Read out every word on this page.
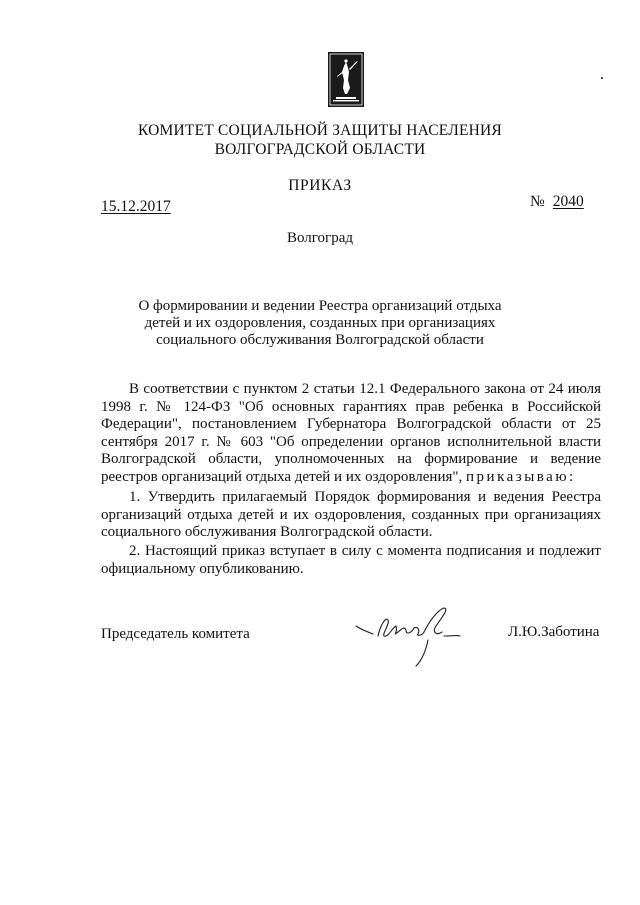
КОМИТЕТ СОЦИАЛЬНОЙ ЗАЩИТЫ НАСЕЛЕНИЯ
ВОЛГОГРАДСКОЙ ОБЛАСТИ
ПРИКАЗ
15.12.2017	№ 2040
Волгоград
О формировании и ведении Реестра организаций отдыха детей и их оздоровления, созданных при организациях социального обслуживания Волгоградской области
В соответствии с пунктом 2 статьи 12.1 Федерального закона от 24 июля 1998 г. № 124-ФЗ "Об основных гарантиях прав ребенка в Российской Федерации", постановлением Губернатора Волгоградской области от 25 сентября 2017 г. № 603 "Об определении органов исполнительной власти Волгоградской области, уполномоченных на формирование и ведение реестров организаций отдыха детей и их оздоровления", приказываю:
1. Утвердить прилагаемый Порядок формирования и ведения Реестра организаций отдыха детей и их оздоровления, созданных при организациях социального обслуживания Волгоградской области.
2. Настоящий приказ вступает в силу с момента подписания и подлежит официальному опубликованию.
Председатель комитета	Л.Ю.Заботина
